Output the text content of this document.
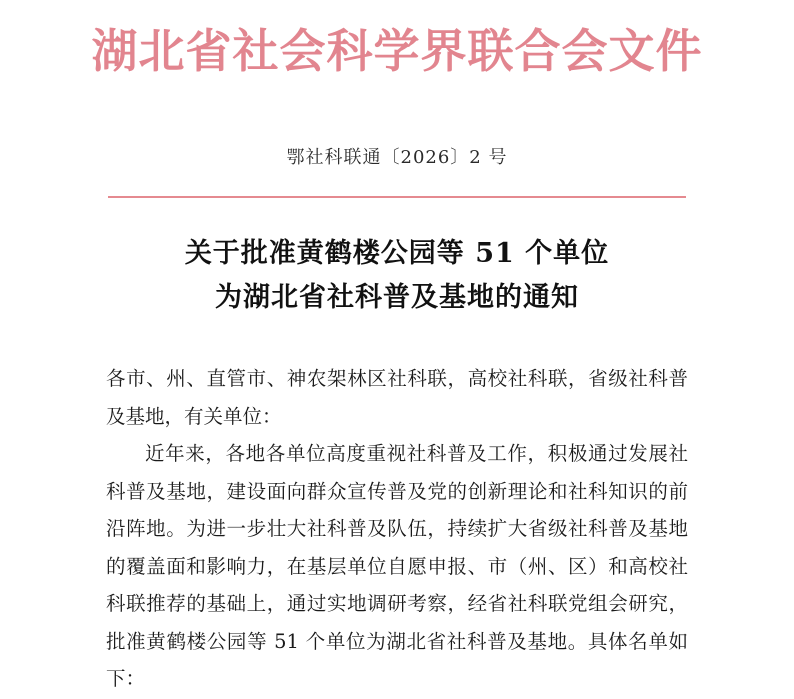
湖北省社会科学界联合会文件
鄂社科联通〔2026〕2 号
关于批准黄鹤楼公园等 51 个单位
为湖北省社科普及基地的通知

各市、州、直管市、神农架林区社科联，高校社科联，省级社科普及基地，有关单位：

近年来，各地各单位高度重视社科普及工作，积极通过发展社科普及基地，建设面向群众宣传普及党的创新理论和社科知识的前沿阵地。为进一步壮大社科普及队伍，持续扩大省级社科普及基地的覆盖面和影响力，在基层单位自愿申报、市（州、区）和高校社科联推荐的基础上，通过实地调研考察，经省社科联党组会研究，批准黄鹤楼公园等 51 个单位为湖北省社科普及基地。具体名单如下：
